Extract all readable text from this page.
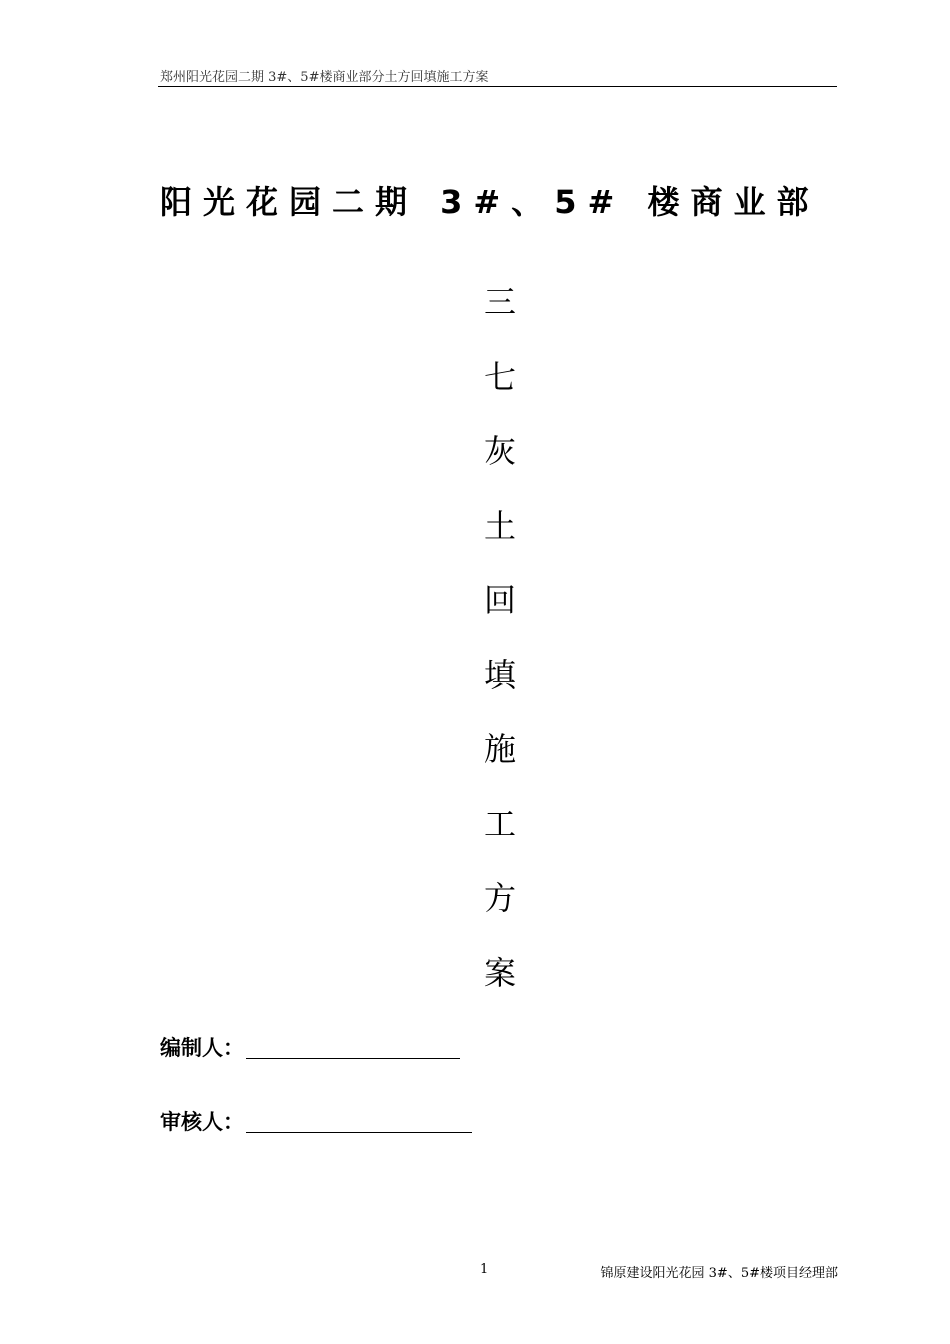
郑州阳光花园二期 3#、5#楼商业部分土方回填施工方案
阳光花园二期 3#、5# 楼商业部
三
七
灰
土
回
填
施
工
方
案
编制人：
审核人：
1	锦原建设阳光花园 3#、5#楼项目经理部
